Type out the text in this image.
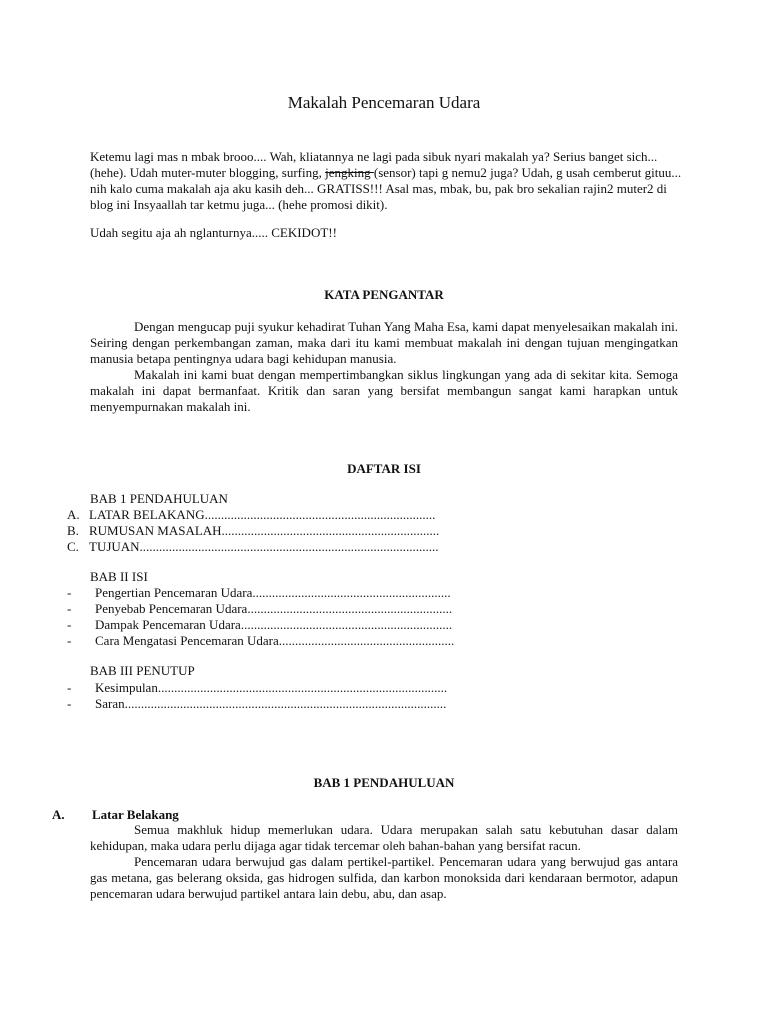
Makalah Pencemaran Udara

Ketemu lagi mas n mbak brooo.... Wah, kliatannya ne lagi pada sibuk nyari makalah ya? Serius banget sich... (hehe). Udah muter-muter blogging, surfing, jengking (sensor) tapi g nemu2 juga? Udah, g usah cemberut gituu... nih kalo cuma makalah aja aku kasih deh... GRATISS!!! Asal mas, mbak, bu, pak bro sekalian rajin2 muter2 di blog ini Insyaallah tar ketmu juga... (hehe promosi dikit).

Udah segitu aja ah nglanturnya..... CEKIDOT!!
KATA PENGANTAR

Dengan mengucap puji syukur kehadirat Tuhan Yang Maha Esa, kami dapat menyelesaikan makalah ini. Seiring dengan perkembangan zaman, maka dari itu kami membuat makalah ini dengan tujuan mengingatkan manusia betapa pentingnya udara bagi kehidupan manusia.

Makalah ini kami buat dengan mempertimbangkan siklus lingkungan yang ada di sekitar kita. Semoga makalah ini dapat bermanfaat. Kritik dan saran yang bersifat membangun sangat kami harapkan untuk menyempurnakan makalah ini.

DAFTAR ISI
BAB 1 PENDAHULUAN
A. LATAR BELAKANG.......................................................................
B. RUMUSAN MASALAH...................................................................
C. TUJUAN............................................................................................
BAB II ISI
-	Pengertian Pencemaran Udara.............................................................
-	Penyebab Pencemaran Udara...............................................................
-	Dampak Pencemaran Udara.................................................................
-	Cara Mengatasi Pencemaran Udara......................................................
BAB III PENUTUP
-	Kesimpulan.........................................................................................
-	Saran...................................................................................................
BAB 1 PENDAHULUAN
A. Latar Belakang

Semua makhluk hidup memerlukan udara. Udara merupakan salah satu kebutuhan dasar dalam kehidupan, maka udara perlu dijaga agar tidak tercemar oleh bahan-bahan yang bersifat racun.

Pencemaran udara berwujud gas dalam pertikel-partikel. Pencemaran udara yang berwujud gas antara gas metana, gas belerang oksida, gas hidrogen sulfida, dan karbon monoksida dari kendaraan bermotor, adapun pencemaran udara berwujud partikel antara lain debu, abu, dan asap.
